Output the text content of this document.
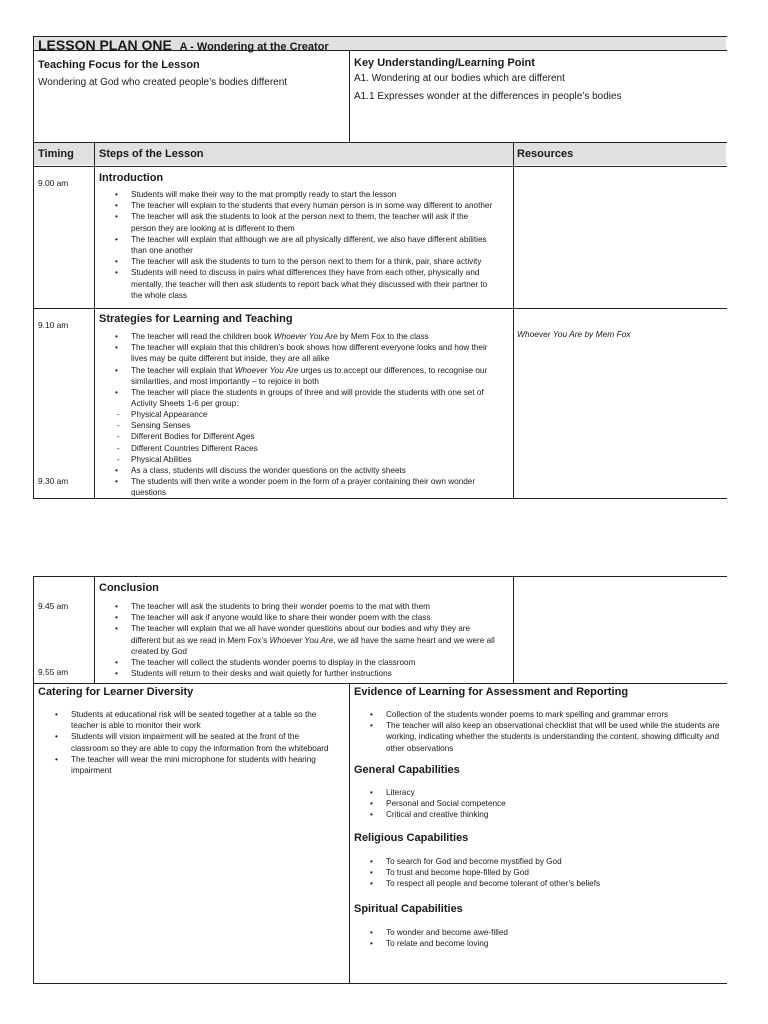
LESSON PLAN ONE A - Wondering at the Creator
Teaching Focus for the Lesson
Wondering at God who created people’s bodies different
Key Understanding/Learning Point
A1. Wondering at our bodies which are different
A1.1 Expresses wonder at the differences in people’s bodies
Timing Steps of the Lesson	Resources
9.00 am	Introduction
• Students will make their way to the mat promptly ready to start the lesson
• The teacher will explain to the students that every human person is in some way different to another
• The teacher will ask the students to look at the person next to them, the teacher will ask if the
person they are looking at is different to them
• The teacher will explain that although we are all physically different, we also have different abilities
than one another
• The teacher will ask the students to turn to the person next to them for a think, pair, share activity
• Students will need to discuss in pairs what differences they have from each other, physically and
mentally, the teacher will then ask students to report back what they discussed with their partner to
the whole class
9.10 am
9.30 am
Strategies for Learning and Teaching
Whoever You Are by Mem Fox
• The teacher will read the children book Whoever You Are by Mem Fox to the class
• The teacher will explain that this children’s book shows how different everyone looks and how their
lives may be quite different but inside, they are all alike
• The teacher will explain that Whoever You Are urges us to accept our differences, to recognise our
similarities, and most importantly – to rejoice in both
• The teacher will place the students in groups of three and will provide the students with one set of
Activity Sheets 1-6 per group:
- Physical Appearance
- Sensing Senses
- Different Bodies for Different Ages
- Different Countries Different Races
- Physical Abilities
• As a class, students will discuss the wonder questions on the activity sheets
• The students will then write a wonder poem in the form of a prayer containing their own wonder
questions
Conclusion
9.45 am
9.55 am
• The teacher will ask the students to bring their wonder poems to the mat with them
• The teacher will ask if anyone would like to share their wonder poem with the class
• The teacher will explain that we all have wonder questions about our bodies and why they are
different but as we read in Mem Fox’s Whoever You Are, we all have the same heart and we were all
created by God
• The teacher will collect the students wonder poems to display in the classroom
• Students will return to their desks and wait quietly for further instructions
Catering for Learner Diversity
• Students at educational risk will be seated together at a table so the
teacher is able to monitor their work
• Students will vision impairment will be seated at the front of the
classroom so they are able to copy the information from the whiteboard
• The teacher will wear the mini microphone for students with hearing
impairment
Evidence of Learning for Assessment and Reporting
• Collection of the students wonder poems to mark spelling and grammar errors
• The teacher will also keep an observational checklist that will be used while the students are
working, indicating whether the students is understanding the content, showing difficulty and
other observations
General Capabilities
• Literacy
• Personal and Social competence
• Critical and creative thinking
Religious Capabilities
• To search for God and become mystified by God
• To trust and become hope-filled by God
• To respect all people and become tolerant of other’s beliefs
Spiritual Capabilities
• To wonder and become awe-filled
• To relate and become loving
